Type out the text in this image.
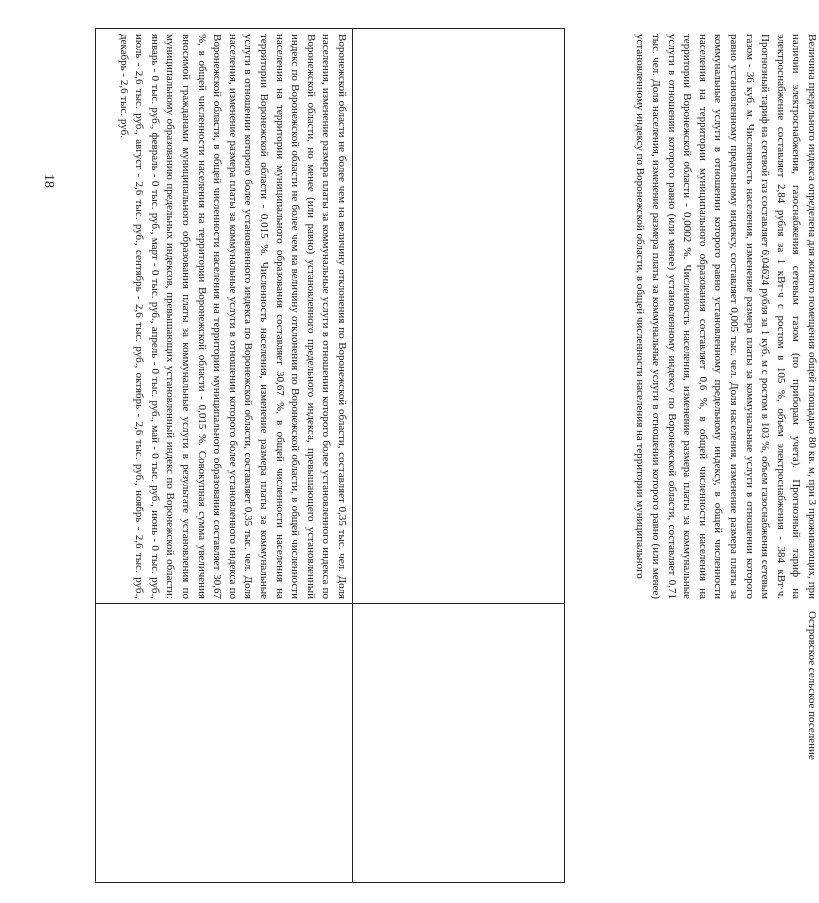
18	Воронежской области не более чем на величину отклонения по Воронежской области, составляет 0,35 тыс. чел. Доля населения, изменение размера платы за коммунальные услуги в отношении которого более установленного индекса по Воронежской области, но менее (или равно) установленного предельного индекса, превышающего установленный индекс по Воронежской области не более чем на величину отклонения по Воронежской области, в общей численности населения на территории муниципального образования составляет 30,67 %, в общей численности населения на территории Воронежской области - 0,015 %. Численность населения, изменение размера платы за коммунальные услуги в отношении которого более установленного индекса по Воронежской области, составляет 0,35 тыс. чел. Доля населения, изменение размера платы за коммунальные услуги в отношении которого более установленного индекса по Воронежской области, в общей численности населения на территории муниципального образования составляет 30,67 %, в общей численности населения на территории Воронежской области - 0,015 %. Совокупная сумма увеличения вносимой гражданами муниципального образования платы за коммунальные услуги в результате установления по муниципальному образованию предельных индексов, превышающих установленный индекс по Воронежской области: январь - 0 тыс. руб., февраль - 0 тыс. руб., март - 0 тыс. руб., апрель - 0 тыс. руб., май - 0 тыс. руб., июнь - 0 тыс. руб., июль - 2,6 тыс. руб., август - 2,6 тыс. руб., сентябрь - 2,6 тыс. руб., октябрь - 2,6 тыс. руб., ноябрь - 2,6 тыс. руб., декабрь - 2,6 тыс. руб.	Величина предельного индекса определена для жилого помещения общей площадью 80 кв. м, при 3 проживающих, при наличии электроснабжения, газоснабжения сетевым газом (по приборам учета). Прогнозный тариф на электроснабжение составляет 2,84 рубля за 1 кВт·ч с ростом в 105 %, объем электроснабжения - 384 кВт·ч. Прогнозный тариф на сетевой газ составляет 6,04624 рубля за 1 куб. м с ростом в 103 %, объем газоснабжения сетевым газом - 36 куб. м. Численность населения, изменение размера платы за коммунальные услуги в отношении которого равно установленному предельному индексу, составляет 0,005 тыс. чел. Доля населения, изменение размера платы за коммунальные услуги в отношении которого равно установленному предельному индексу, в общей численности населения на территории муниципального образования составляет 0,6 %, в общей численности населения на территории Воронежской области - 0,0002 %. Численность населения, изменение размера платы за коммунальные услуги в отношении которого равно (или менее) установленному индексу по Воронежской области, составляет 0,71 тыс. чел. Доля населения, изменение размера платы за коммунальные услуги в отношении которого равно (или менее) установленному индексу по Воронежской области, в общей численности населения на территории муниципального
Островское сельское поселение
